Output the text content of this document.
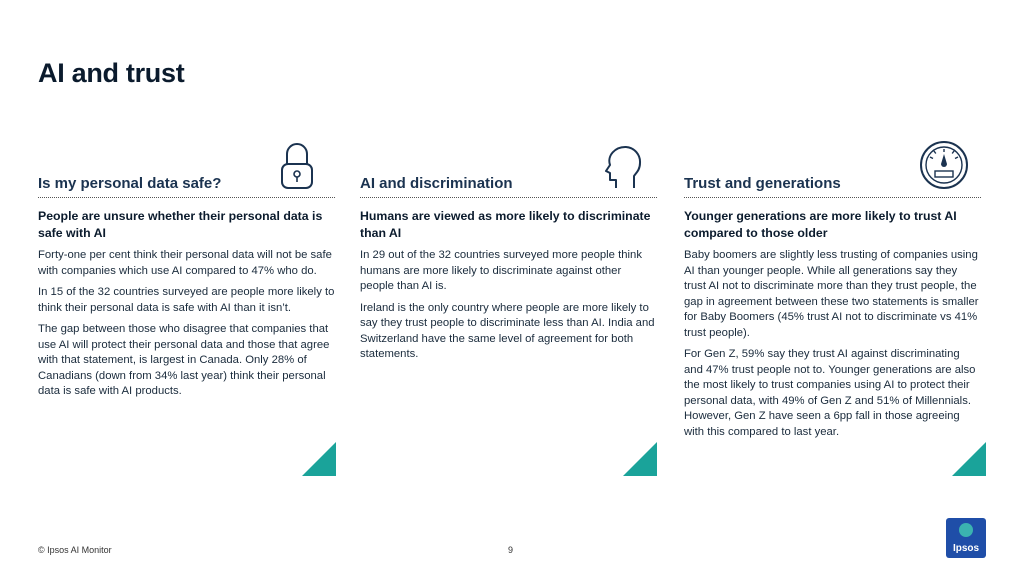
AI and trust
Is my personal data safe?

People are unsure whether their personal data is safe with AI

Forty-one per cent think their personal data will not be safe with companies which use AI compared to 47% who do.

In 15 of the 32 countries surveyed are people more likely to think their personal data is safe with AI than it isn’t.

The gap between those who disagree that companies that use AI will protect their personal data and those that agree with that statement, is largest in Canada. Only 28% of Canadians (down from 34% last year) think their personal data is safe with AI products.

AI and discrimination

Humans are viewed as more likely to discriminate than AI

In 29 out of the 32 countries surveyed more people think humans are more likely to discriminate against other people than AI is.

Ireland is the only country where people are more likely to say they trust people to discriminate less than AI. India and Switzerland have the same level of agreement for both statements.

Trust and generations

Younger generations are more likely to trust AI compared to those older

Baby boomers are slightly less trusting of companies using AI than younger people. While all generations say they trust AI not to discriminate more than they trust people, the gap in agreement between these two statements is smaller for Baby Boomers (45% trust AI not to discriminate vs 41% trust people).

For Gen Z, 59% say they trust AI against discriminating and 47% trust people not to. Younger generations are also the most likely to trust companies using AI to protect their personal data, with 49% of Gen Z and 51% of Millennials. However, Gen Z have seen a 6pp fall in those agreeing with this compared to last year.

© Ipsos AI Monitor	9	Ipsos
